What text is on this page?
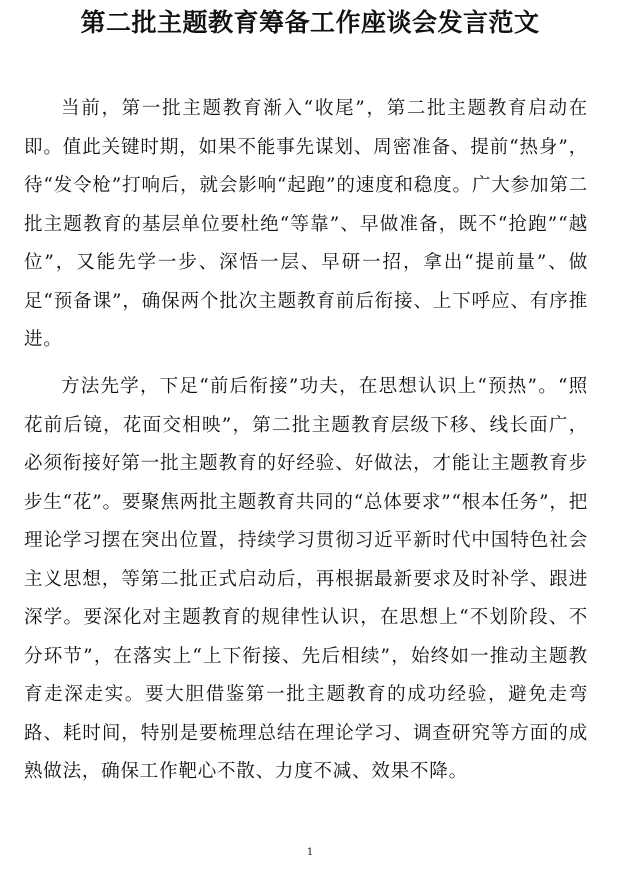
第二批主题教育筹备工作座谈会发言范文

当前，第一批主题教育渐入“收尾”，第二批主题教育启动在即。值此关键时期，如果不能事先谋划、周密准备、提前“热身”，待“发令枪”打响后，就会影响“起跑”的速度和稳度。广大参加第二批主题教育的基层单位要杜绝“等靠”、早做准备，既不“抢跑”“越位”，又能先学一步、深悟一层、早研一招，拿出“提前量”、做足“预备课”，确保两个批次主题教育前后衔接、上下呼应、有序推进。

方法先学，下足“前后衔接”功夫，在思想认识上“预热”。“照花前后镜，花面交相映”，第二批主题教育层级下移、线长面广，必须衔接好第一批主题教育的好经验、好做法，才能让主题教育步步生“花”。要聚焦两批主题教育共同的“总体要求”“根本任务”，把理论学习摆在突出位置，持续学习贯彻习近平新时代中国特色社会主义思想，等第二批正式启动后，再根据最新要求及时补学、跟进深学。要深化对主题教育的规律性认识，在思想上“不划阶段、不分环节”，在落实上“上下衔接、先后相续”，始终如一推动主题教育走深走实。要大胆借鉴第一批主题教育的成功经验，避免走弯路、耗时间，特别是要梳理总结在理论学习、调查研究等方面的成熟做法，确保工作靶心不散、力度不减、效果不降。

1
